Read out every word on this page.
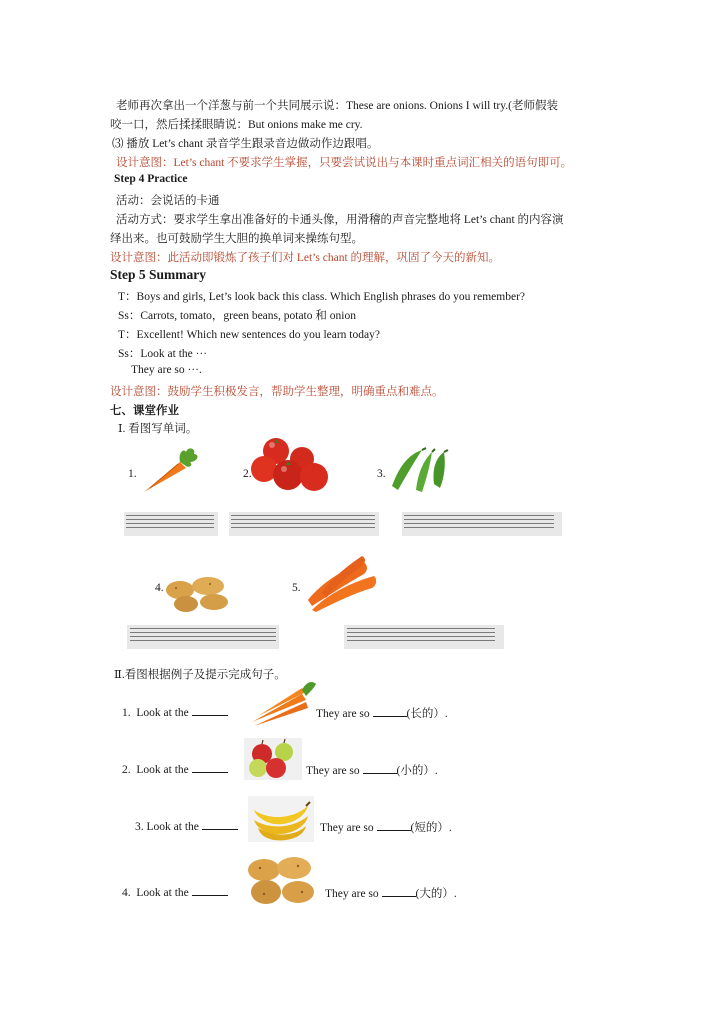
老师再次拿出一个洋葱与前一个共同展示说：These are onions. Onions I will try.(老师假装
咬一口，然后揉揉眼睛说：But onions make me cry.
⑶ 播放 Let’s chant 录音学生跟录音边做动作边跟唱。
设计意图：Let’s chant 不要求学生掌握，只要尝试说出与本课时重点词汇相关的语句即可。
Step 4 Practice
活动：会说话的卡通
活动方式：要求学生拿出准备好的卡通头像，用滑稽的声音完整地将 Let’s chant 的内容演
绎出来。也可鼓励学生大胆的换单词来操练句型。
设计意图：此活动即锻炼了孩子们对 Let’s chant 的理解，巩固了今天的新知。
Step 5 Summary
T：Boys and girls, Let’s look back this class. Which English phrases do you remember?
Ss：Carrots, tomato，green beans, potato 和 onion
T：Excellent! Which new sentences do you learn today?
Ss：Look at the ···
They are so ···.
设计意图：鼓励学生积极发言，帮助学生整理，明确重点和难点。
七、课堂作业
Ⅰ. 看图写单词。
1.	2.	3.
4.	5.
Ⅱ.看图根据例子及提示完成句子。
1. Look at the	They are so	(长的）.
2. Look at the	They are so	(小的）.
3. Look at the	They are so	(短的）.
4. Look at the	They are so	(大的）.
